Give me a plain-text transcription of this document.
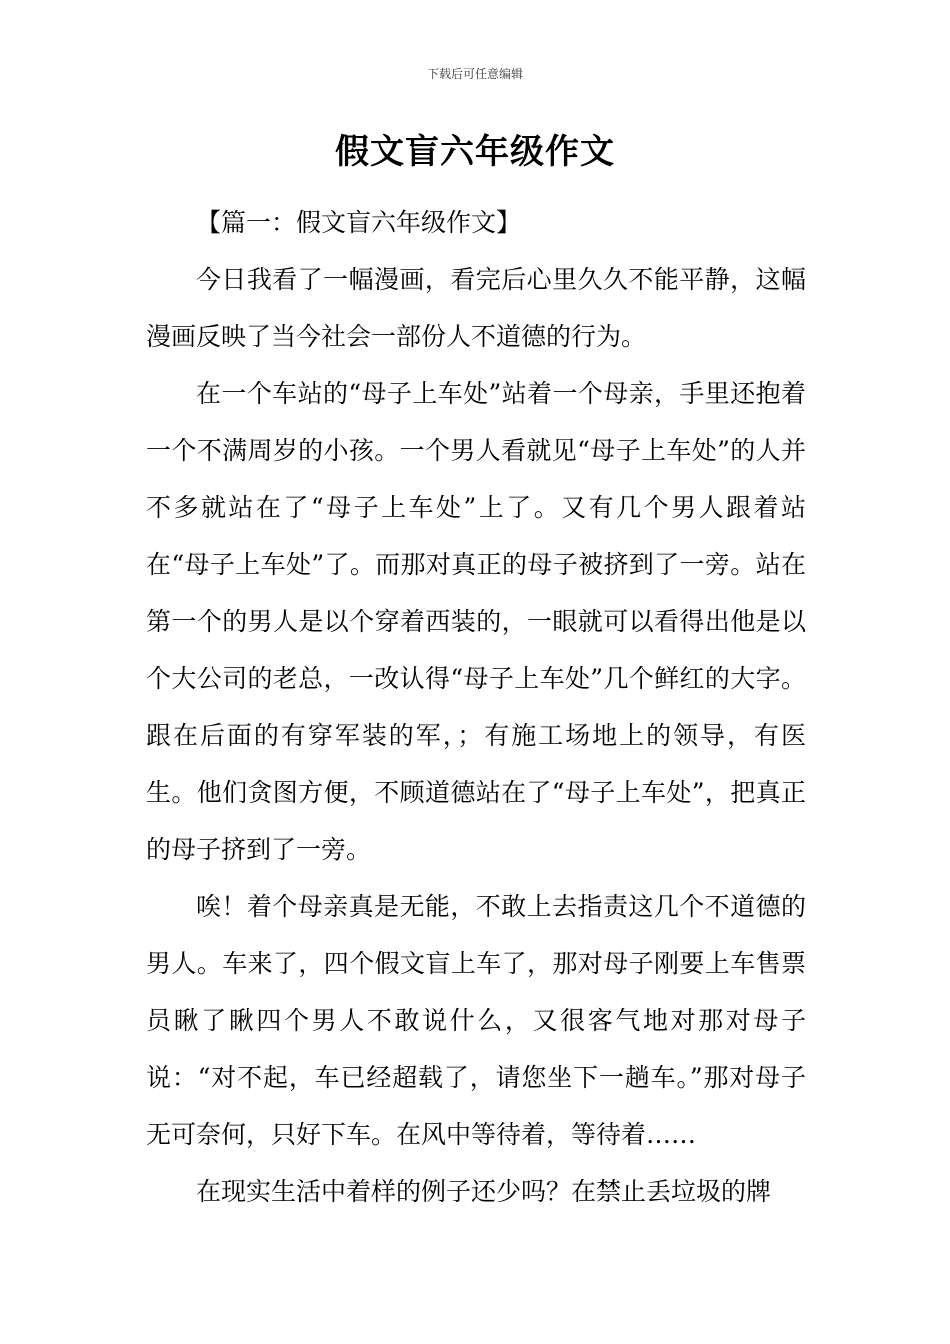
下载后可任意编辑
假文盲六年级作文

【篇一：假文盲六年级作文】

今日我看了一幅漫画，看完后心里久久不能平静，这幅漫画反映了当今社会一部份人不道德的行为。

在一个车站的“母子上车处”站着一个母亲，手里还抱着一个不满周岁的小孩。一个男人看就见“母子上车处”的人并不多就站在了“母子上车处”上了。又有几个男人跟着站在“母子上车处”了。而那对真正的母子被挤到了一旁。站在第一个的男人是以个穿着西装的，一眼就可以看得出他是以个大公司的老总，一改认得“母子上车处”几个鲜红的大字。跟在后面的有穿军装的军，；有施工场地上的领导，有医生。他们贪图方便，不顾道德站在了“母子上车处”，把真正的母子挤到了一旁。

唉！着个母亲真是无能，不敢上去指责这几个不道德的男人。车来了，四个假文盲上车了，那对母子刚要上车售票员瞅了瞅四个男人不敢说什么，又很客气地对那对母子说：“对不起，车已经超载了，请您坐下一趟车。”那对母子无可奈何，只好下车。在风中等待着，等待着……

在现实生活中着样的例子还少吗？在禁止丢垃圾的牌
